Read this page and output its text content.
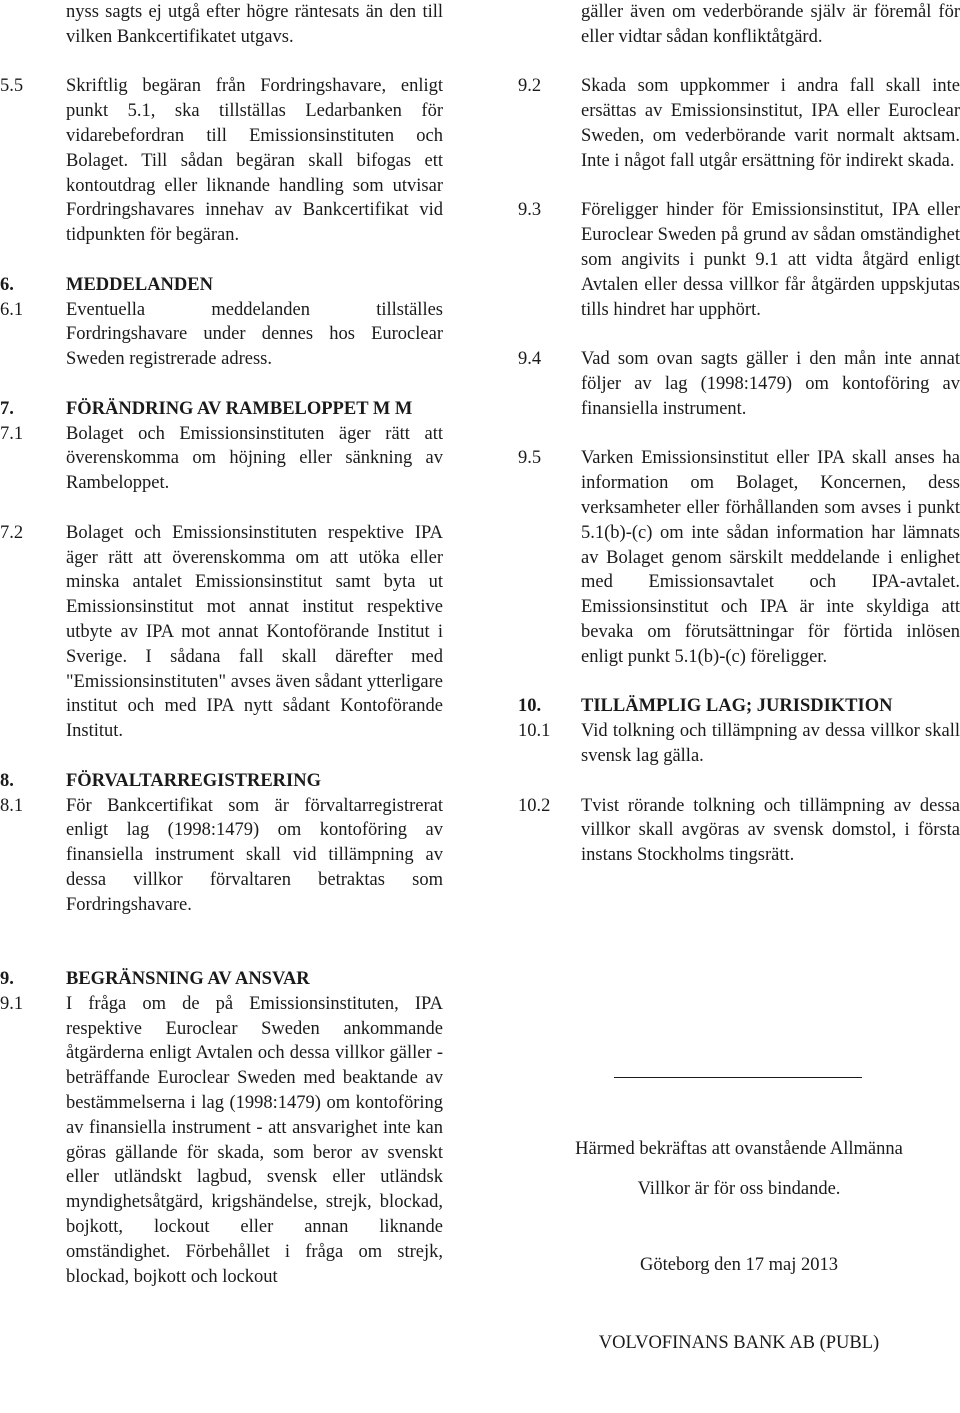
nyss sagts ej utgå efter högre räntesats än den till vilken Bankcertifikatet utgavs.
5.5	Skriftlig begäran från Fordringshavare, enligt punkt 5.1, ska tillställas Ledarbanken för vidarebefordran till Emissionsinstituten och Bolaget. Till sådan begäran skall bifogas ett kontoutdrag eller liknande handling som utvisar Fordringshavares innehav av Bankcertifikat vid tidpunkten för begäran.
6.	MEDDELANDEN
6.1	Eventuella meddelanden tillställes Fordringshavare under dennes hos Euroclear Sweden registrerade adress.
7.	FÖRÄNDRING AV RAMBELOPPET M M
7.1	Bolaget och Emissionsinstituten äger rätt att överenskomma om höjning eller sänkning av Rambeloppet.
7.2	Bolaget och Emissionsinstituten respektive IPA äger rätt att överenskomma om att utöka eller minska antalet Emissionsinstitut samt byta ut Emissionsinstitut mot annat institut respektive utbyte av IPA mot annat Kontoförande Institut i Sverige. I sådana fall skall därefter med "Emissionsinstituten" avses även sådant ytterligare institut och med IPA nytt sådant Kontoförande Institut.
8.	FÖRVALTARREGISTRERING
8.1	För Bankcertifikat som är förvaltarregistrerat enligt lag (1998:1479) om kontoföring av finansiella instrument skall vid tillämpning av dessa villkor förvaltaren betraktas som Fordringshavare.
9.	BEGRÄNSNING AV ANSVAR
9.1	I fråga om de på Emissionsinstituten, IPA respektive Euroclear Sweden ankommande åtgärderna enligt Avtalen och dessa villkor gäller - beträffande Euroclear Sweden med beaktande av bestämmelserna i lag (1998:1479) om kontoföring av finansiella instrument - att ansvarighet inte kan göras gällande för skada, som beror av svenskt eller utländskt lagbud, svensk eller utländsk myndighetsåtgärd, krigshändelse, strejk, blockad, bojkott, lockout eller annan liknande omständighet. Förbehållet i fråga om strejk, blockad, bojkott och lockout
gäller även om vederbörande själv är föremål för eller vidtar sådan konfliktåtgärd.
9.2	Skada som uppkommer i andra fall skall inte ersättas av Emissionsinstitut, IPA eller Euroclear Sweden, om vederbörande varit normalt aktsam. Inte i något fall utgår ersättning för indirekt skada.
9.3	Föreligger hinder för Emissionsinstitut, IPA eller Euroclear Sweden på grund av sådan omständighet som angivits i punkt 9.1 att vidta åtgärd enligt Avtalen eller dessa villkor får åtgärden uppskjutas tills hindret har upphört.
9.4	Vad som ovan sagts gäller i den mån inte annat följer av lag (1998:1479) om kontoföring av finansiella instrument.
9.5	Varken Emissionsinstitut eller IPA skall anses ha information om Bolaget, Koncernen, dess verksamheter eller förhållanden som avses i punkt 5.1(b)-(c) om inte sådan information har lämnats av Bolaget genom särskilt meddelande i enlighet med Emissionsavtalet och IPA-avtalet. Emissionsinstitut och IPA är inte skyldiga att bevaka om förutsättningar för förtida inlösen enligt punkt 5.1(b)-(c) föreligger.
10.	TILLÄMPLIG LAG; JURISDIKTION
10.1	Vid tolkning och tillämpning av dessa villkor skall svensk lag gälla.
10.2	Tvist rörande tolkning och tillämpning av dessa villkor skall avgöras av svensk domstol, i första instans Stockholms tingsrätt.
Härmed bekräftas att ovanstående Allmänna
Villkor är för oss bindande.
Göteborg den 17 maj 2013
VOLVOFINANS BANK AB (PUBL)
